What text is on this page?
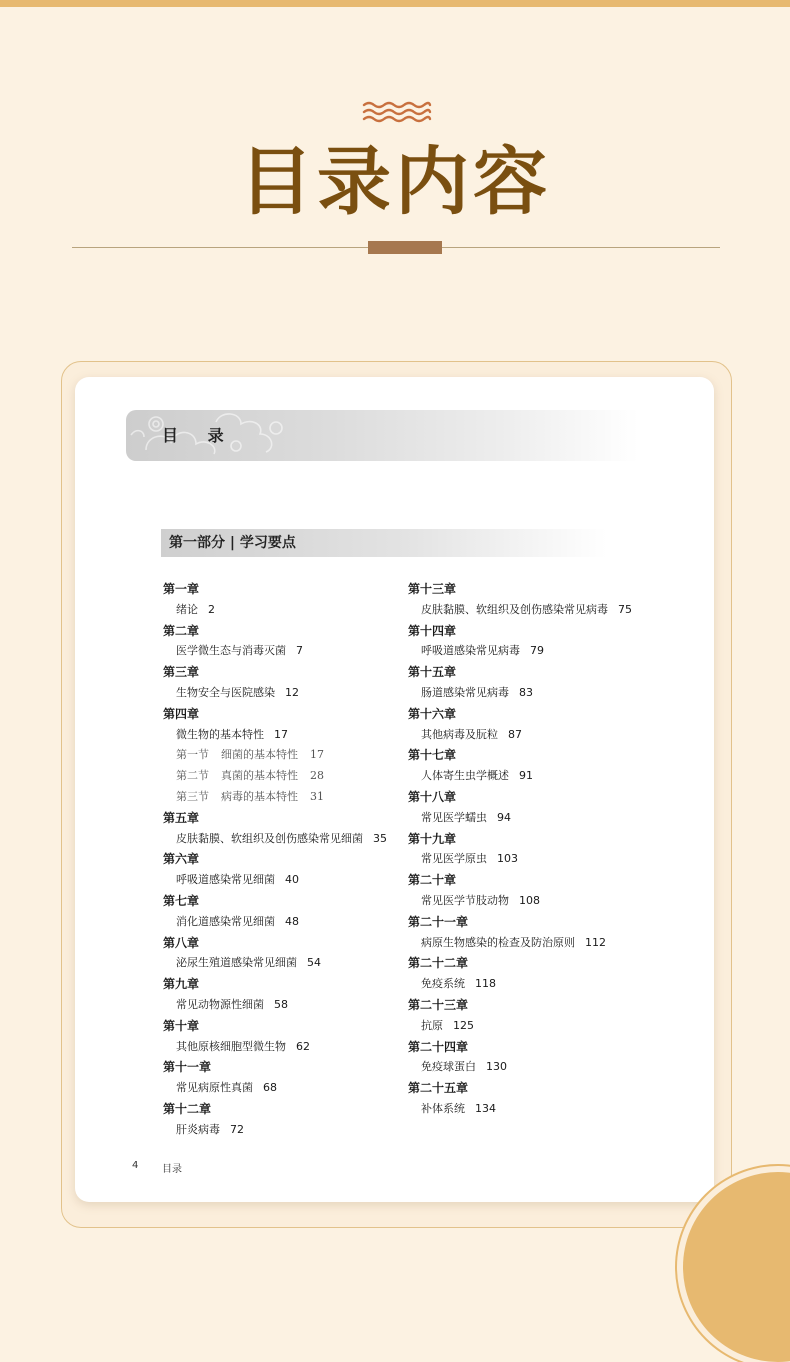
目录内容
目 录
第一部分 | 学习要点
第一章
绪论 2
第二章
医学微生态与消毒灭菌 7
第三章
生物安全与医院感染 12
第四章
微生物的基本特性 17
第一节 细菌的基本特性 17
第二节 真菌的基本特性 28
第三节 病毒的基本特性 31
第五章
皮肤黏膜、软组织及创伤感染常见细菌 35
第六章
呼吸道感染常见细菌 40
第七章
消化道感染常见细菌 48
第八章
泌尿生殖道感染常见细菌 54
第九章
常见动物源性细菌 58
第十章
其他原核细胞型微生物 62
第十一章
常见病原性真菌 68
第十二章
肝炎病毒 72
第十三章
皮肤黏膜、软组织及创伤感染常见病毒 75
第十四章
呼吸道感染常见病毒 79
第十五章
肠道感染常见病毒 83
第十六章
其他病毒及朊粒 87
第十七章
人体寄生虫学概述 91
第十八章
常见医学蠕虫 94
第十九章
常见医学原虫 103
第二十章
常见医学节肢动物 108
第二十一章
病原生物感染的检查及防治原则 112
第二十二章
免疫系统 118
第二十三章
抗原 125
第二十四章
免疫球蛋白 130
第二十五章
补体系统 134
4 目录
